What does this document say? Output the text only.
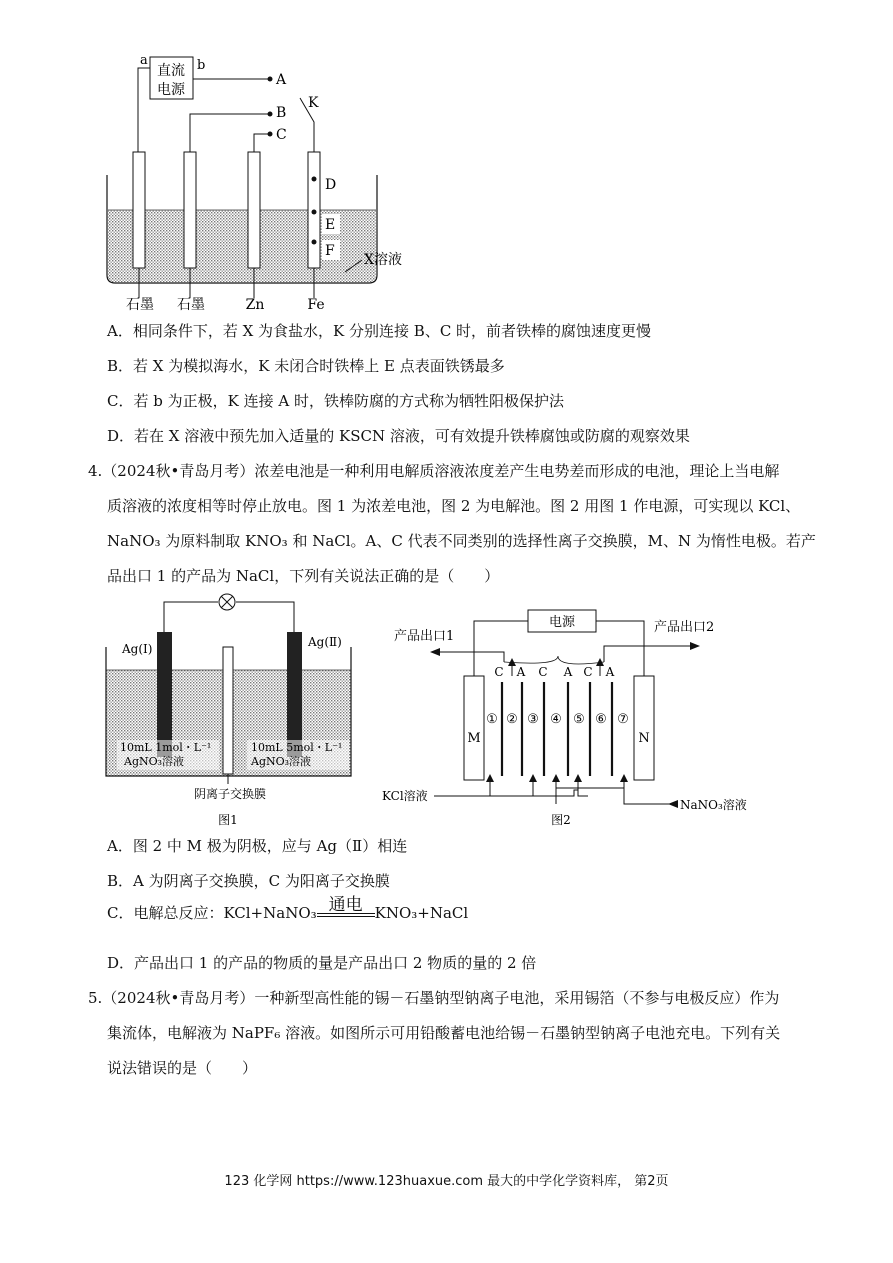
直流
电源
a	b
A
B
C
K
D
E
F
X溶液
石墨 石墨	Zn	Fe
A．相同条件下，若 X 为食盐水，K 分别连接 B、C 时，前者铁棒的腐蚀速度更慢
B．若 X 为模拟海水，K 未闭合时铁棒上 E 点表面铁锈最多
C．若 b 为正极，K 连接 A 时，铁棒防腐的方式称为牺牲阳极保护法
D．若在 X 溶液中预先加入适量的 KSCN 溶液，可有效提升铁棒腐蚀或防腐的观察效果
4.（2024秋•青岛月考）浓差电池是一种利用电解质溶液浓度差产生电势差而形成的电池，理论上当电解
质溶液的浓度相等时停止放电。图 1 为浓差电池，图 2 为电解池。图 2 用图 1 作电源，可实现以 KCl、
NaNO₃ 为原料制取 KNO₃ 和 NaCl。A、C 代表不同类别的选择性离子交换膜，M、N 为惰性电极。若产
品出口 1 的产品为 NaCl，下列有关说法正确的是（　　）
Ag(Ⅰ)	Ag(Ⅱ)
10mL 1mol・L⁻¹
AgNO₃溶液
10mL 5mol・L⁻¹
AgNO₃溶液
阴离子交换膜
图1
电源
产品出口1
产品出口2
M	N
C A C A C A
① ② ③ ④ ⑤ ⑥ ⑦
KCl溶液
NaNO₃溶液
图2
A．图 2 中 M 极为阴极，应与 Ag（Ⅱ）相连
B．A 为阴离子交换膜，C 为阳离子交换膜
C．电解总反应：KCl+NaNO₃ 通电 KNO₃+NaCl
D．产品出口 1 的产品的物质的量是产品出口 2 物质的量的 2 倍
5.（2024秋•青岛月考）一种新型高性能的锡－石墨钠型钠离子电池，采用锡箔（不参与电极反应）作为
集流体，电解液为 NaPF₆ 溶液。如图所示可用铅酸蓄电池给锡－石墨钠型钠离子电池充电。下列有关
说法错误的是（　　）
123 化学网 https://www.123huaxue.com 最大的中学化学资料库， 第2页
